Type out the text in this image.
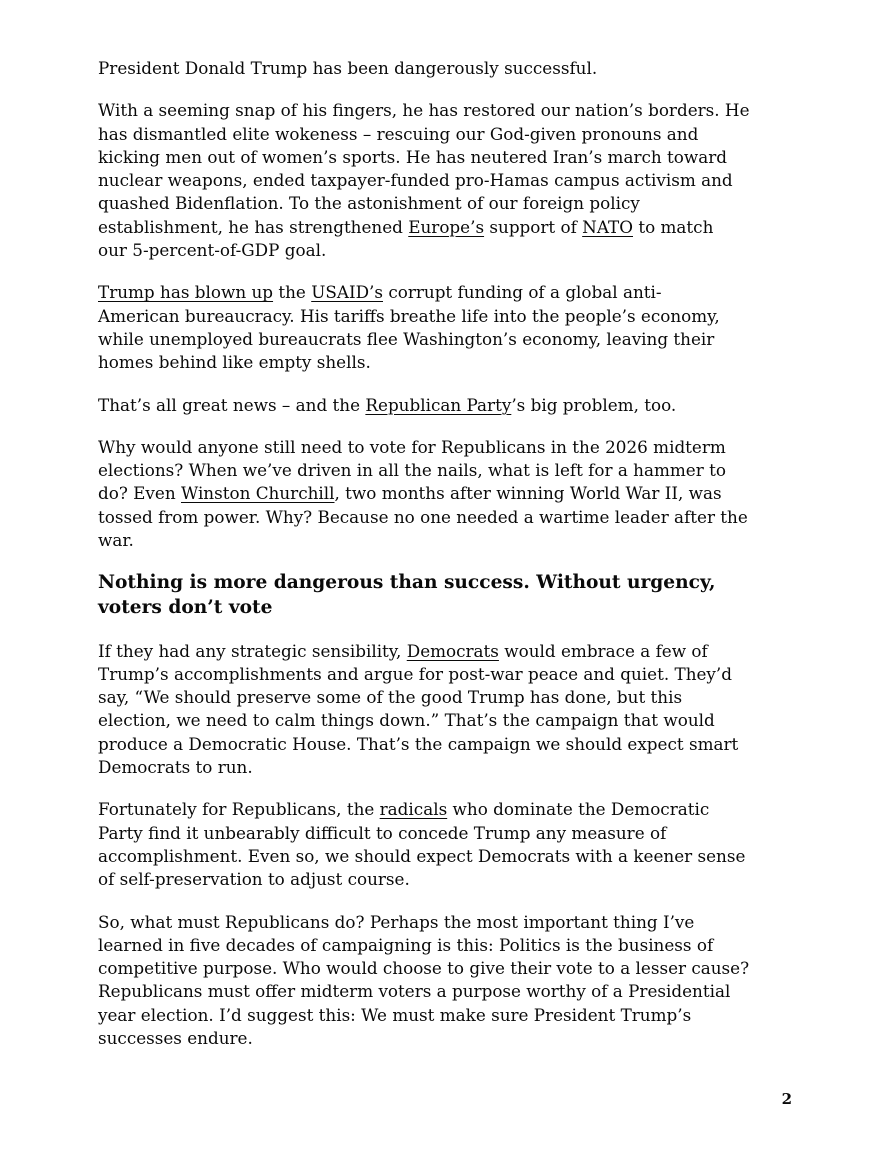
President Donald Trump has been dangerously successful.

With a seeming snap of his fingers, he has restored our nation’s borders. He
has dismantled elite wokeness – rescuing our God-given pronouns and
kicking men out of women’s sports. He has neutered Iran’s march toward
nuclear weapons, ended taxpayer-funded pro-Hamas campus activism and
quashed Bidenflation. To the astonishment of our foreign policy
establishment, he has strengthened Europe’s support of NATO to match
our 5-percent-of-GDP goal.

Trump has blown up the USAID’s corrupt funding of a global anti-
American bureaucracy. His tariffs breathe life into the people’s economy,
while unemployed bureaucrats flee Washington’s economy, leaving their
homes behind like empty shells.

That’s all great news – and the Republican Party’s big problem, too.

Why would anyone still need to vote for Republicans in the 2026 midterm
elections? When we’ve driven in all the nails, what is left for a hammer to
do? Even Winston Churchill, two months after winning World War II, was
tossed from power. Why? Because no one needed a wartime leader after the
war.

Nothing is more dangerous than success. Without urgency,
voters don’t vote

If they had any strategic sensibility, Democrats would embrace a few of
Trump’s accomplishments and argue for post-war peace and quiet. They’d
say, “We should preserve some of the good Trump has done, but this
election, we need to calm things down.” That’s the campaign that would
produce a Democratic House. That’s the campaign we should expect smart
Democrats to run.

Fortunately for Republicans, the radicals who dominate the Democratic
Party find it unbearably difficult to concede Trump any measure of
accomplishment. Even so, we should expect Democrats with a keener sense
of self-preservation to adjust course.

So, what must Republicans do? Perhaps the most important thing I’ve
learned in five decades of campaigning is this: Politics is the business of
competitive purpose. Who would choose to give their vote to a lesser cause?
Republicans must offer midterm voters a purpose worthy of a Presidential
year election. I’d suggest this: We must make sure President Trump’s
successes endure.

2
